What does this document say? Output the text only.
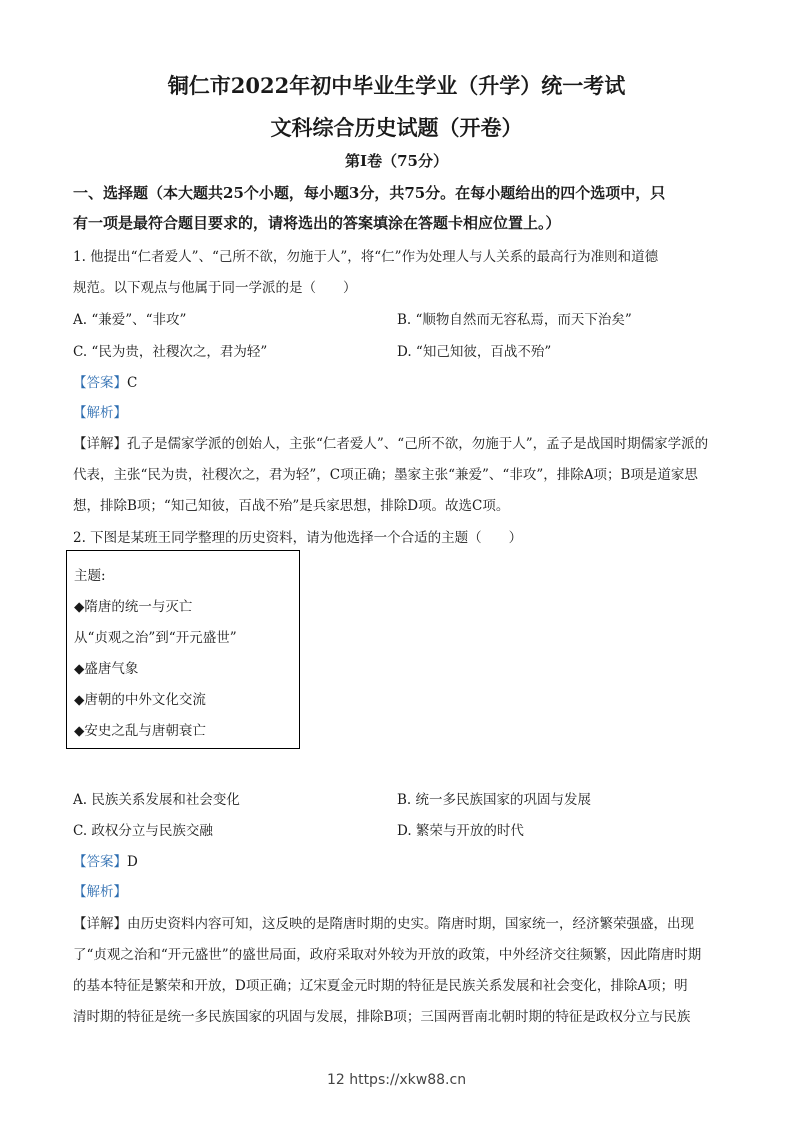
铜仁市2022年初中毕业生学业（升学）统一考试
文科综合历史试题（开卷）
第I卷（75分）
一、选择题（本大题共25个小题，每小题3分，共75分。在每小题给出的四个选项中，只
有一项是最符合题目要求的，请将选出的答案填涂在答题卡相应位置上。）
1. 他提出“仁者爱人”、“己所不欲，勿施于人”，将“仁”作为处理人与人关系的最高行为准则和道德
规范。以下观点与他属于同一学派的是（　　）
A. “兼爱”、“非攻”	B. “顺物自然而无容私焉，而天下治矣”
C. “民为贵，社稷次之，君为轻”	D. “知己知彼，百战不殆”
【答案】C
【解析】
【详解】孔子是儒家学派的创始人，主张“仁者爱人”、“己所不欲，勿施于人”，孟子是战国时期儒家学派的
代表，主张“民为贵，社稷次之，君为轻”，C项正确；墨家主张“兼爱”、“非攻”，排除A项；B项是道家思
想，排除B项；“知己知彼，百战不殆”是兵家思想，排除D项。故选C项。
2. 下图是某班王同学整理的历史资料，请为他选择一个合适的主题（　　）
主题:
◆隋唐的统一与灭亡
从“贞观之治”到“开元盛世”
◆盛唐气象
◆唐朝的中外文化交流
◆安史之乱与唐朝衰亡
A. 民族关系发展和社会变化	B. 统一多民族国家的巩固与发展
C. 政权分立与民族交融	D. 繁荣与开放的时代
【答案】D
【解析】
【详解】由历史资料内容可知，这反映的是隋唐时期的史实。隋唐时期，国家统一，经济繁荣强盛，出现
了“贞观之治和“开元盛世”的盛世局面，政府采取对外较为开放的政策，中外经济交往频繁，因此隋唐时期
的基本特征是繁荣和开放，D项正确；辽宋夏金元时期的特征是民族关系发展和社会变化，排除A项；明
清时期的特征是统一多民族国家的巩固与发展，排除B项；三国两晋南北朝时期的特征是政权分立与民族
12 https://xkw88.cn
